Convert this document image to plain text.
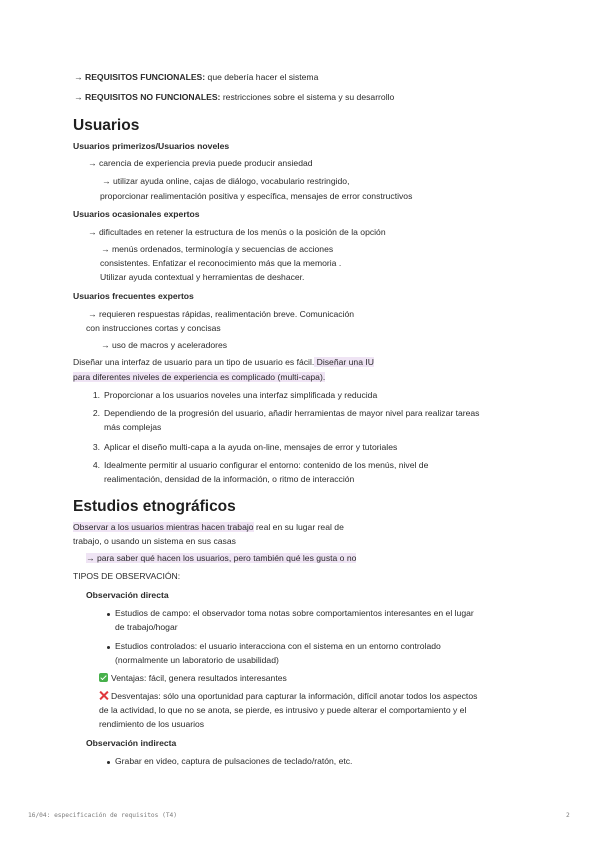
→ REQUISITOS FUNCIONALES: que debería hacer el sistema
→ REQUISITOS NO FUNCIONALES: restricciones sobre el sistema y su desarrollo
Usuarios
Usuarios primerizos/Usuarios noveles
→ carencia de experiencia previa puede producir ansiedad
→ utilizar ayuda online, cajas de diálogo, vocabulario restringido,
proporcionar realimentación positiva y específica, mensajes de error constructivos
Usuarios ocasionales expertos
→ dificultades en retener la estructura de los menús o la posición de la opción
→ menús ordenados, terminología y secuencias de acciones
consistentes. Enfatizar el reconocimiento más que la memoria .
Utilizar ayuda contextual y herramientas de deshacer.
Usuarios frecuentes expertos
→ requieren respuestas rápidas, realimentación breve. Comunicación
con instrucciones cortas y concisas
→ uso de macros y aceleradores
Diseñar una interfaz de usuario para un tipo de usuario es fácil. Diseñar una IU
para diferentes niveles de experiencia es complicado (multi-capa).
1. Proporcionar a los usuarios noveles una interfaz simplificada y reducida
2. Dependiendo de la progresión del usuario, añadir herramientas de mayor nivel para realizar tareas
más complejas
3. Aplicar el diseño multi-capa a la ayuda on-line, mensajes de error y tutoriales
4. Idealmente permitir al usuario configurar el entorno: contenido de los menús, nivel de
realimentación, densidad de la información, o ritmo de interacción
Estudios etnográficos
Observar a los usuarios mientras hacen trabajo real en su lugar real de
trabajo, o usando un sistema en sus casas
→ para saber qué hacen los usuarios, pero también qué les gusta o no
TIPOS DE OBSERVACIÓN:
Observación directa
Estudios de campo: el observador toma notas sobre comportamientos interesantes en el lugar
de trabajo/hogar
Estudios controlados: el usuario interacciona con el sistema en un entorno controlado
(normalmente un laboratorio de usabilidad)
Ventajas: fácil, genera resultados interesantes
Desventajas: sólo una oportunidad para capturar la información, difícil anotar todos los aspectos
de la actividad, lo que no se anota, se pierde, es intrusivo y puede alterar el comportamiento y el
rendimiento de los usuarios
Observación indirecta
Grabar en video, captura de pulsaciones de teclado/ratón, etc.
16/04: especificación de requisitos (T4)	2
